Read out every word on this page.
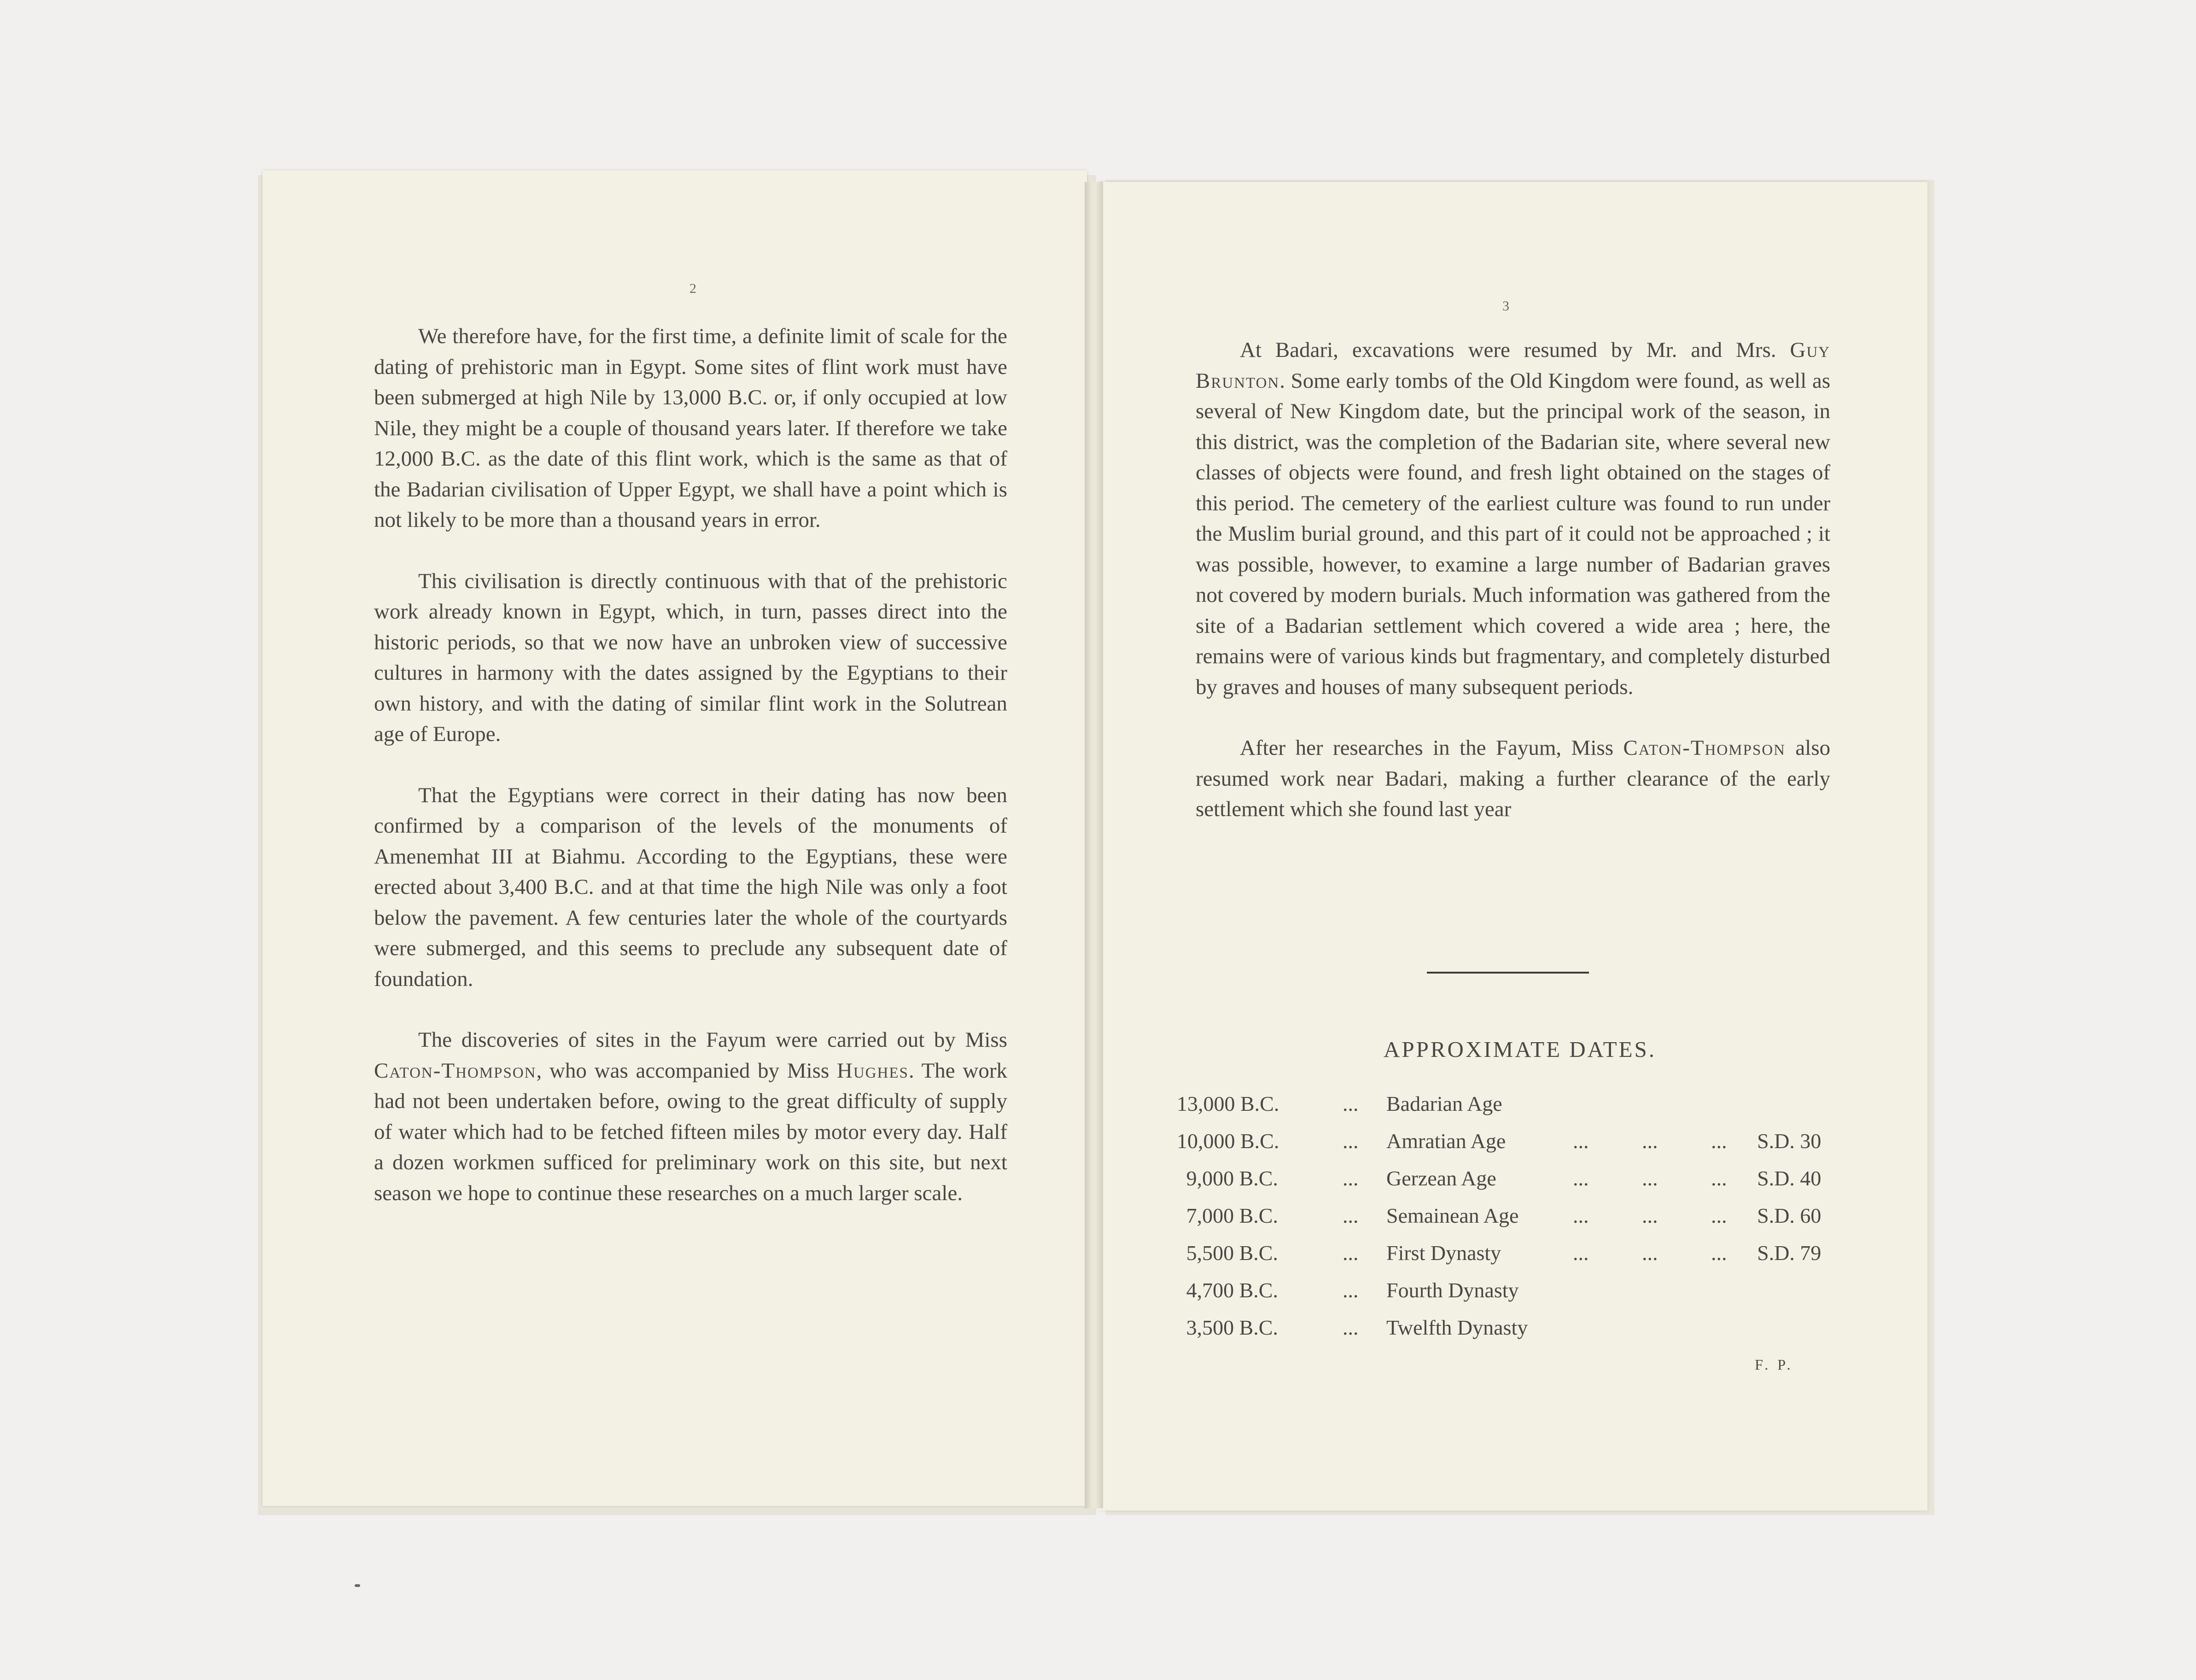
2

We therefore have, for the first time, a definite limit of scale for the dating of prehistoric man in Egypt. Some sites of flint work must have been submerged at high Nile by 13,000 B.C. or, if only occupied at low Nile, they might be a couple of thousand years later. If therefore we take 12,000 B.C. as the date of this flint work, which is the same as that of the Badarian civilisation of Upper Egypt, we shall have a point which is not likely to be more than a thousand years in error.

This civilisation is directly continuous with that of the prehistoric work already known in Egypt, which, in turn, passes direct into the historic periods, so that we now have an unbroken view of successive cultures in harmony with the dates assigned by the Egyptians to their own history, and with the dating of similar flint work in the Solutrean age of Europe.

That the Egyptians were correct in their dating has now been confirmed by a comparison of the levels of the monuments of Amenemhat III at Biahmu. According to the Egyptians, these were erected about 3,400 B.C. and at that time the high Nile was only a foot below the pavement. A few centuries later the whole of the courtyards were submerged, and this seems to preclude any subsequent date of foundation.

The discoveries of sites in the Fayum were carried out by Miss Caton-Thompson, who was accompanied by Miss Hughes. The work had not been undertaken before, owing to the great difficulty of supply of water which had to be fetched fifteen miles by motor every day. Half a dozen workmen sufficed for preliminary work on this site, but next season we hope to continue these researches on a much larger scale.

3

At Badari, excavations were resumed by Mr. and Mrs. Guy Brunton. Some early tombs of the Old Kingdom were found, as well as several of New Kingdom date, but the principal work of the season, in this district, was the completion of the Badarian site, where several new classes of objects were found, and fresh light obtained on the stages of this period. The cemetery of the earliest culture was found to run under the Muslim burial ground, and this part of it could not be approached ; it was possible, however, to examine a large number of Badarian graves not covered by modern burials. Much information was gathered from the site of a Badarian settlement which covered a wide area ; here, the remains were of various kinds but fragmentary, and completely disturbed by graves and houses of many subsequent periods.

After her researches in the Fayum, Miss Caton-Thompson also resumed work near Badari, making a further clearance of the early settlement which she found last year

APPROXIMATE DATES.
13,000 B.C.	... Badarian Age
10,000 B.C.	... Amratian Age	...	...	... S.D. 30
9,000 B.C.	... Gerzean Age	...	...	... S.D. 40
7,000 B.C.	... Semainean Age	...	...	... S.D. 60
5,500 B.C.	... First Dynasty	...	...	... S.D. 79
4,700 B.C.	... Fourth Dynasty
3,500 B.C.	... Twelfth Dynasty
F. P.
